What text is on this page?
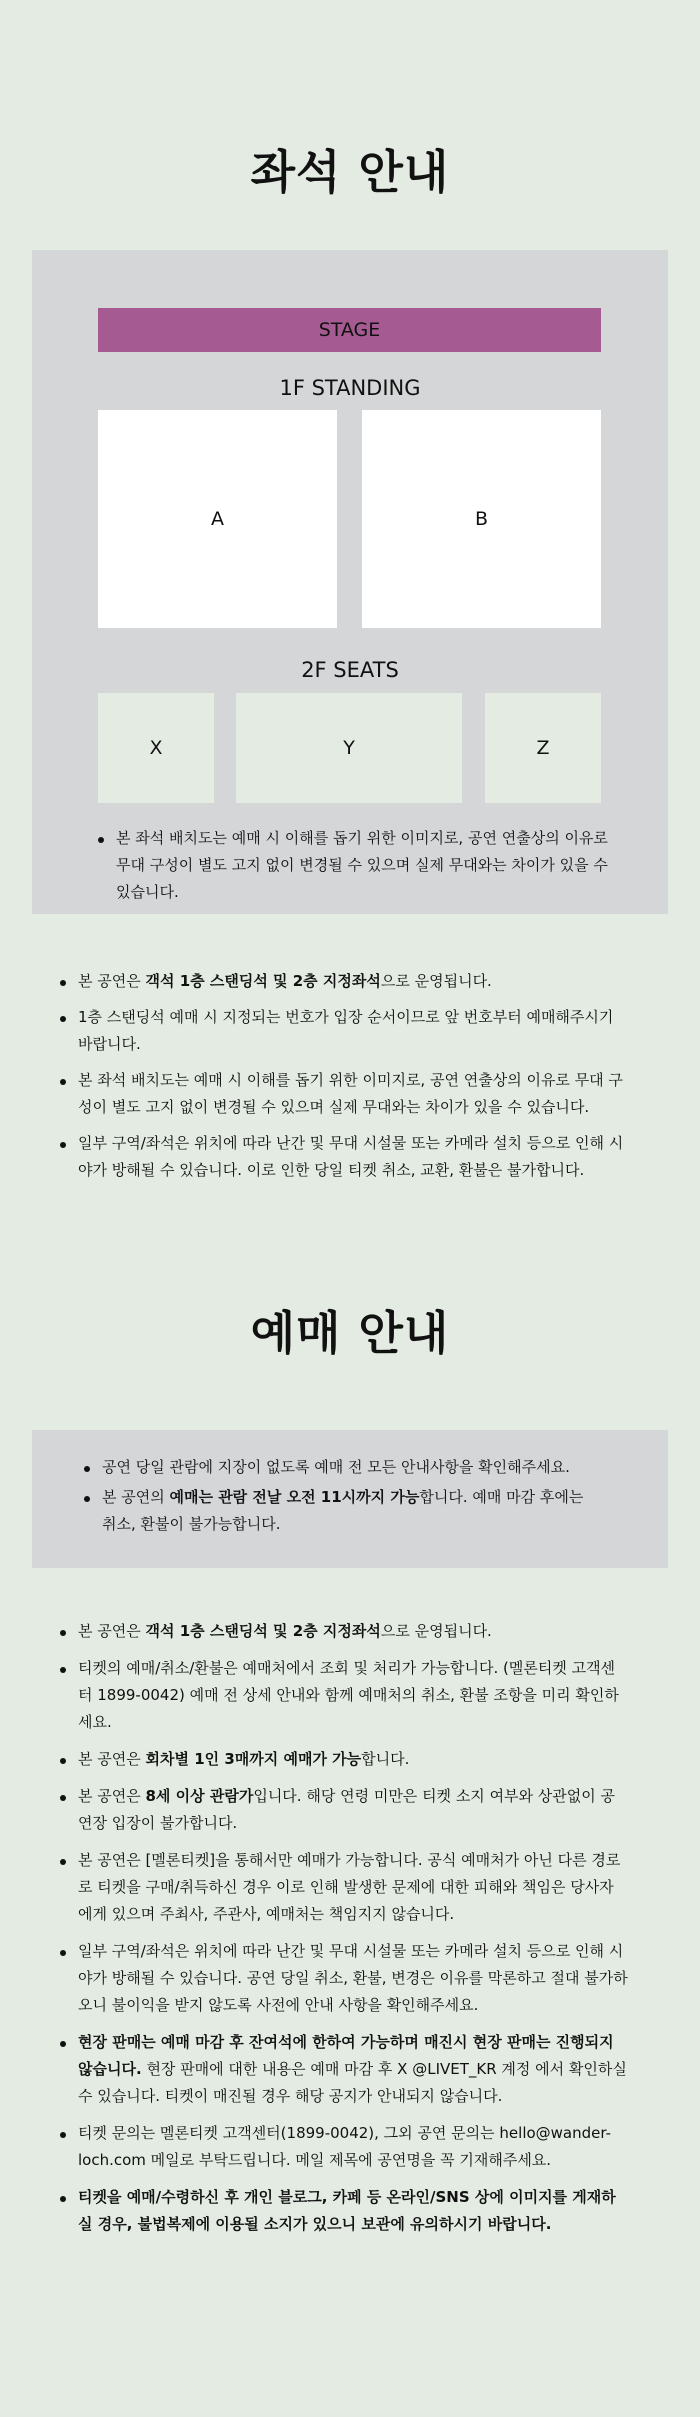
좌석 안내
STAGE
1F STANDING
A	B
2F SEATS
X	Y	Z
본 좌석 배치도는 예매 시 이해를 돕기 위한 이미지로, 공연 연출상의 이유로 무대 구성이 별도 고지 없이 변경될 수 있으며 실제 무대와는 차이가 있을 수 있습니다.
본 공연은 객석 1층 스탠딩석 및 2층 지정좌석으로 운영됩니다.
1층 스탠딩석 예매 시 지정되는 번호가 입장 순서이므로 앞 번호부터 예매해주시기 바랍니다.
본 좌석 배치도는 예매 시 이해를 돕기 위한 이미지로, 공연 연출상의 이유로 무대 구성이 별도 고지 없이 변경될 수 있으며 실제 무대와는 차이가 있을 수 있습니다.
일부 구역/좌석은 위치에 따라 난간 및 무대 시설물 또는 카메라 설치 등으로 인해 시야가 방해될 수 있습니다. 이로 인한 당일 티켓 취소, 교환, 환불은 불가합니다.
예매 안내
공연 당일 관람에 지장이 없도록 예매 전 모든 안내사항을 확인해주세요.
본 공연의 예매는 관람 전날 오전 11시까지 가능합니다. 예매 마감 후에는 취소, 환불이 불가능합니다.
본 공연은 객석 1층 스탠딩석 및 2층 지정좌석으로 운영됩니다.
티켓의 예매/취소/환불은 예매처에서 조회 및 처리가 가능합니다. (멜론티켓 고객센터 1899-0042) 예매 전 상세 안내와 함께 예매처의 취소, 환불 조항을 미리 확인하세요.
본 공연은 회차별 1인 3매까지 예매가 가능합니다.
본 공연은 8세 이상 관람가입니다. 해당 연령 미만은 티켓 소지 여부와 상관없이 공연장 입장이 불가합니다.
본 공연은 [멜론티켓]을 통해서만 예매가 가능합니다. 공식 예매처가 아닌 다른 경로로 티켓을 구매/취득하신 경우 이로 인해 발생한 문제에 대한 피해와 책임은 당사자에게 있으며 주최사, 주관사, 예매처는 책임지지 않습니다.
일부 구역/좌석은 위치에 따라 난간 및 무대 시설물 또는 카메라 설치 등으로 인해 시야가 방해될 수 있습니다. 공연 당일 취소, 환불, 변경은 이유를 막론하고 절대 불가하오니 불이익을 받지 않도록 사전에 안내 사항을 확인해주세요.
현장 판매는 예매 마감 후 잔여석에 한하여 가능하며 매진시 현장 판매는 진행되지 않습니다. 현장 판매에 대한 내용은 예매 마감 후 X @LIVET_KR 계정 에서 확인하실 수 있습니다. 티켓이 매진될 경우 해당 공지가 안내되지 않습니다.
티켓 문의는 멜론티켓 고객센터(1899-0042), 그외 공연 문의는 hello@wander-loch.com 메일로 부탁드립니다. 메일 제목에 공연명을 꼭 기재해주세요.
티켓을 예매/수령하신 후 개인 블로그, 카페 등 온라인/SNS 상에 이미지를 게재하실 경우, 불법복제에 이용될 소지가 있으니 보관에 유의하시기 바랍니다.
